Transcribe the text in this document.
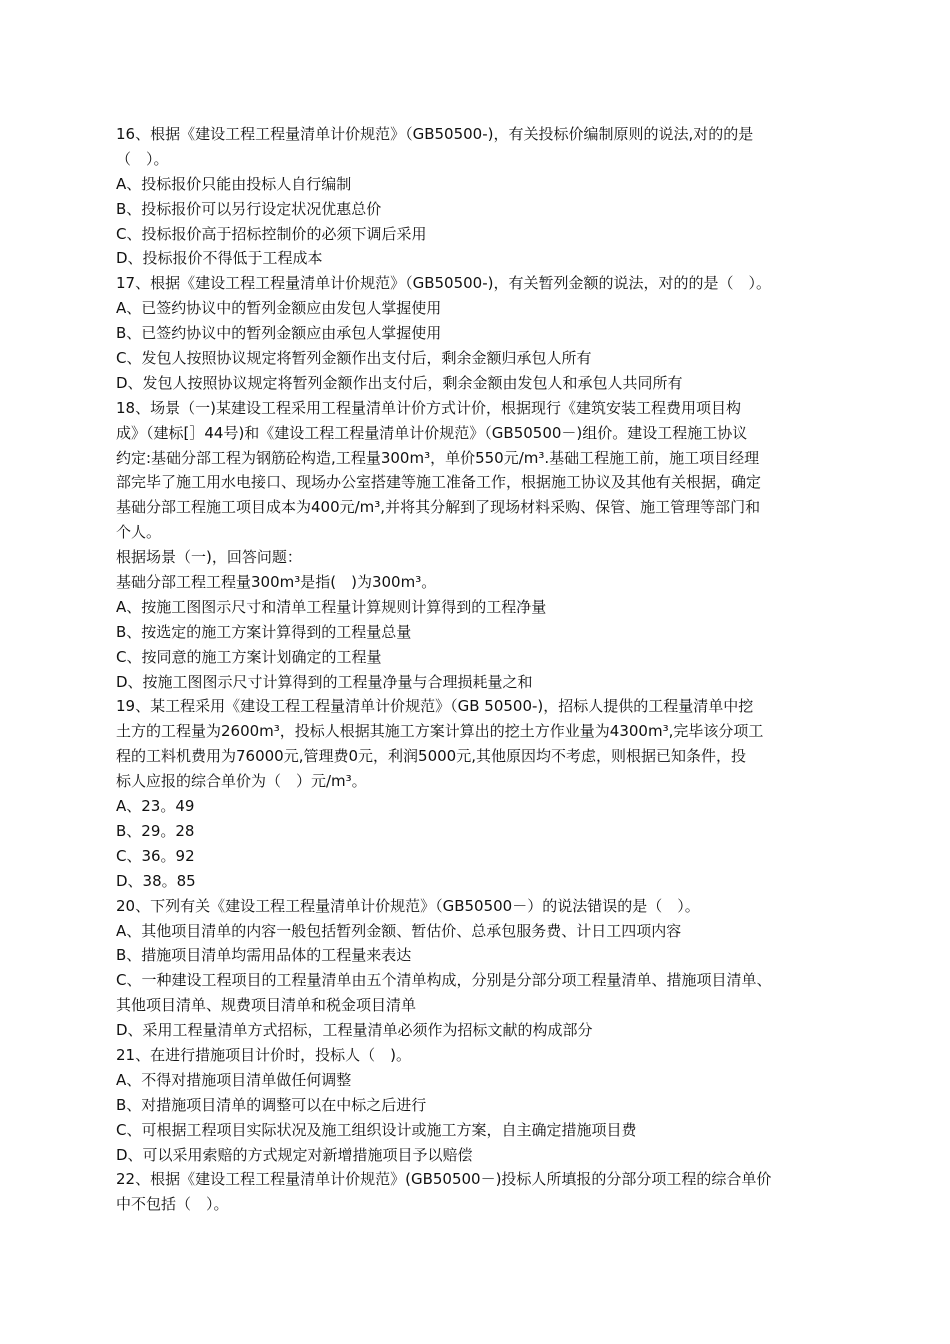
16、根据《建设工程工程量清单计价规范》（GB50500-)，有关投标价编制原则的说法,对的的是
（　）。
A、投标报价只能由投标人自行编制
B、投标报价可以另行设定状况优惠总价
C、投标报价高于招标控制价的必须下调后采用
D、投标报价不得低于工程成本
17、根据《建设工程工程量清单计价规范》（GB50500-)，有关暂列金额的说法，对的的是（　）。
A、已签约协议中的暂列金额应由发包人掌握使用
B、已签约协议中的暂列金额应由承包人掌握使用
C、发包人按照协议规定将暂列金额作出支付后，剩余金额归承包人所有
D、发包人按照协议规定将暂列金额作出支付后，剩余金额由发包人和承包人共同所有
18、场景（一)某建设工程采用工程量清单计价方式计价，根据现行《建筑安装工程费用项目构
成》（建标[］44号)和《建设工程工程量清单计价规范》（GB50500－)组价。建设工程施工协议
约定:基础分部工程为钢筋砼构造,工程量300m³，单价550元/m³.基础工程施工前，施工项目经理
部完毕了施工用水电接口、现场办公室搭建等施工准备工作，根据施工协议及其他有关根据，确定
基础分部工程施工项目成本为400元/m³,并将其分解到了现场材料采购、保管、施工管理等部门和
个人。
根据场景（一)，回答问题：
基础分部工程工程量300m³是指(　)为300m³。
A、按施工图图示尺寸和清单工程量计算规则计算得到的工程净量
B、按选定的施工方案计算得到的工程量总量
C、按同意的施工方案计划确定的工程量
D、按施工图图示尺寸计算得到的工程量净量与合理损耗量之和
19、某工程采用《建设工程工程量清单计价规范》（GB 50500-)，招标人提供的工程量清单中挖
土方的工程量为2600m³，投标人根据其施工方案计算出的挖土方作业量为4300m³,完毕该分项工
程的工料机费用为76000元,管理费0元，利润5000元,其他原因均不考虑，则根据已知条件，投
标人应报的综合单价为（　）元/m³。
A、23。49
B、29。28
C、36。92
D、38。85
20、下列有关《建设工程工程量清单计价规范》（GB50500－）的说法错误的是（　）。
A、其他项目清单的内容一般包括暂列金额、暂估价、总承包服务费、计日工四项内容
B、措施项目清单均需用品体的工程量来表达
C、一种建设工程项目的工程量清单由五个清单构成，分别是分部分项工程量清单、措施项目清单、
其他项目清单、规费项目清单和税金项目清单
D、采用工程量清单方式招标，工程量清单必须作为招标文献的构成部分
21、在进行措施项目计价时，投标人（　)。
A、不得对措施项目清单做任何调整
B、对措施项目清单的调整可以在中标之后进行
C、可根据工程项目实际状况及施工组织设计或施工方案，自主确定措施项目费
D、可以采用索赔的方式规定对新增措施项目予以赔偿
22、根据《建设工程工程量清单计价规范》(GB50500－)投标人所填报的分部分项工程的综合单价
中不包括（　）。
